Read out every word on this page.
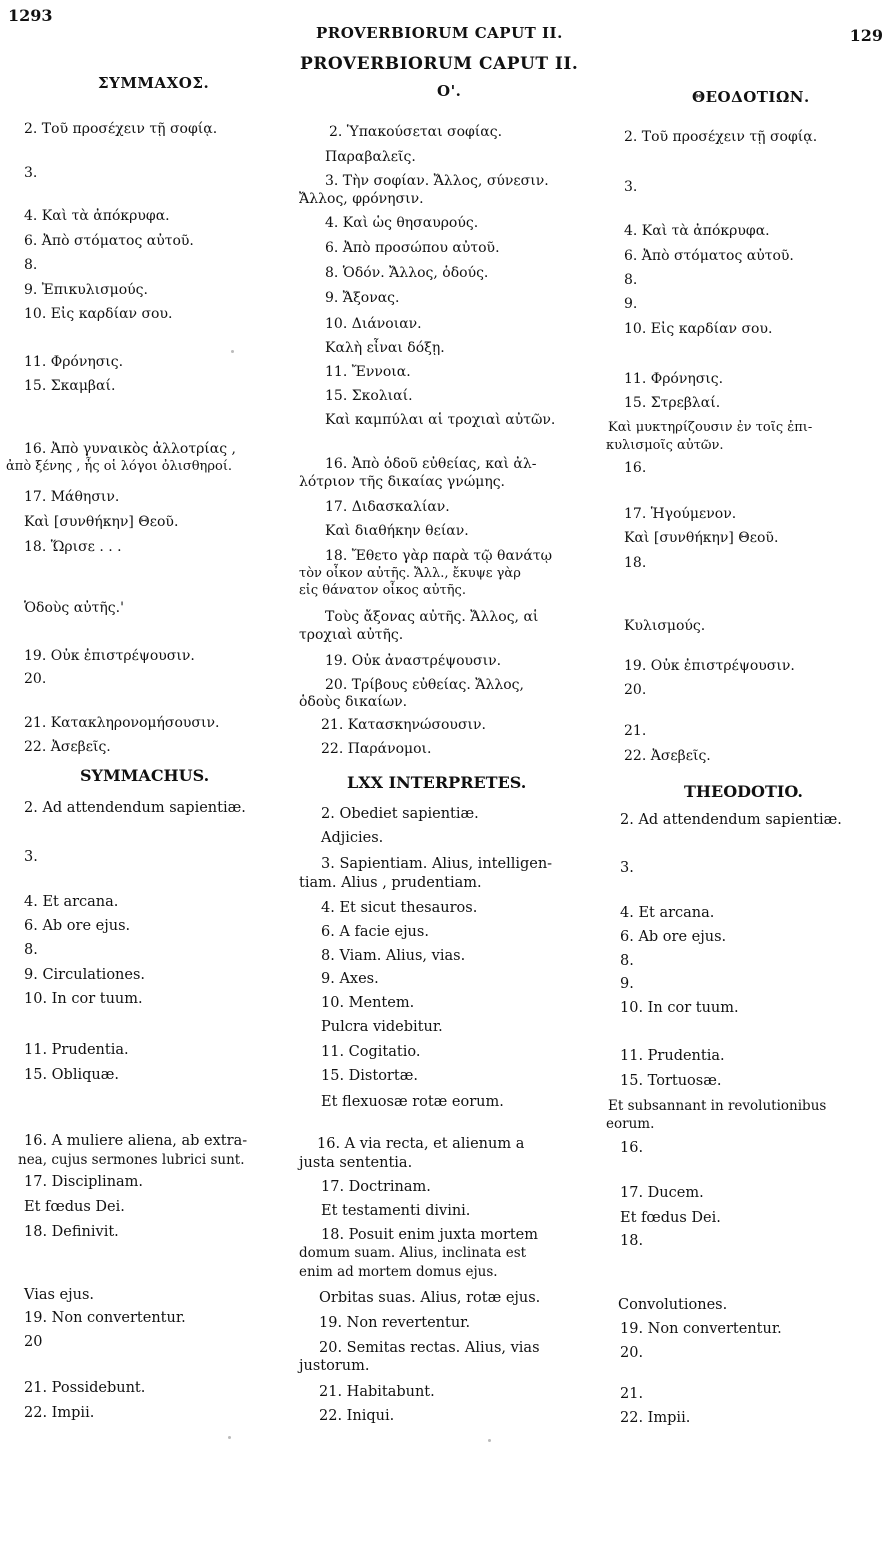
1293
PROVERBIORUM CAPUT II.	129
PROVERBIORUM CAPUT II.
ΣΥΜΜΑΧΟΣ.
2. Τοῦ προσέχειν τῇ σοφίᾳ.
3.
4. Καὶ τὰ ἀπόκρυφα.
6. Ἀπὸ στόματος αὐτοῦ.
8.
9. Ἐπικυλισμούς.
10. Εἰς καρδίαν σου.
11. Φρόνησις.
15. Σκαμβαί.
16. Ἀπὸ γυναικὸς ἀλλοτρίας ,
ἀπὸ ξένης , ἧς οἱ λόγοι ὀλισθηροί.
17. Μάθησιν.
Καὶ [συνθήκην] Θεοῦ.
18. Ὥρισε . . .
Ὁδοὺς αὐτῆς.'
19. Οὐκ ἐπιστρέψουσιν.
20.
21. Κατακληρονομήσουσιν.
22. Ἀσεβεῖς.
SYMMACHUS.
2. Ad attendendum sapientiæ.
3.
4. Et arcana.
6. Ab ore ejus.
8.
9. Circulationes.
10. In cor tuum.
11. Prudentia.
15. Obliquæ.
16. A muliere aliena, ab extra-
nea, cujus sermones lubrici sunt.
17. Disciplinam.
Et fœdus Dei.
18. Definivit.
Vias ejus.
19. Non convertentur.
20
21. Possidebunt.
22. Impii.
Ο'.
2. Ὑπακούσεται σοφίας.
Παραβαλεῖς.
3. Τὴν σοφίαν. Ἄλλος, σύνεσιν.
Ἄλλος, φρόνησιν.
4. Καὶ ὡς θησαυρούς.
6. Ἀπὸ προσώπου αὐτοῦ.
8. Ὁδόν. Ἄλλος, ὁδούς.
9. Ἄξονας.
10. Διάνοιαν.
Καλὴ εἶναι δόξῃ.
11. Ἔννοια.
15. Σκολιαί.
Καὶ καμπύλαι αἱ τροχιαὶ αὐτῶν.
16. Ἀπὸ ὁδοῦ εὐθείας, καὶ ἀλ-
λότριον τῆς δικαίας γνώμης.
17. Διδασκαλίαν.
Καὶ διαθήκην θείαν.
18. Ἔθετο γὰρ παρὰ τῷ θανάτῳ
τὸν οἶκον αὐτῆς. Ἄλλ., ἔκυψε γὰρ
εἰς θάνατον οἶκος αὐτῆς.
Τοὺς ἄξονας αὐτῆς. Ἄλλος, αἱ
τροχιαὶ αὐτῆς.
19. Οὐκ ἀναστρέψουσιν.
20. Τρίβους εὐθείας. Ἄλλος,
ὁδοὺς δικαίων.
21. Κατασκηνώσουσιν.
22. Παράνομοι.
LXX INTERPRETES.
2. Obediet sapientiæ.
Adjicies.
3. Sapientiam. Alius, intelligen-
tiam. Alius , prudentiam.
4. Et sicut thesauros.
6. A facie ejus.
8. Viam. Alius, vias.
9. Axes.
10. Mentem.
Pulcra videbitur.
11. Cogitatio.
15. Distortæ.
Et flexuosæ rotæ eorum.
16. A via recta, et alienum a
justa sententia.
17. Doctrinam.
Et testamenti divini.
18. Posuit enim juxta mortem
domum suam. Alius, inclinata est
enim ad mortem domus ejus.
Orbitas suas. Alius, rotæ ejus.
19. Non revertentur.
20. Semitas rectas. Alius, vias
justorum.
21. Habitabunt.
22. Iniqui.
ΘΕΟΔΟΤΙΩΝ.
2. Τοῦ προσέχειν τῇ σοφίᾳ.
3.
4. Καὶ τὰ ἀπόκρυφα.
6. Ἀπὸ στόματος αὐτοῦ.
8.
9.
10. Εἰς καρδίαν σου.
11. Φρόνησις.
15. Στρεβλαί.
Καὶ μυκτηρίζουσιν ἐν τοῖς ἐπι-
κυλισμοῖς αὐτῶν.
16.
17. Ἡγούμενον.
Καὶ [συνθήκην] Θεοῦ.
18.
Κυλισμούς.
19. Οὐκ ἐπιστρέψουσιν.
20.
21.
22. Ἀσεβεῖς.
THEODOTIO.
2. Ad attendendum sapientiæ.
3.
4. Et arcana.
6. Ab ore ejus.
8.
9.
10. In cor tuum.
11. Prudentia.
15. Tortuosæ.
Et subsannant in revolutionibus
eorum.
16.
17. Ducem.
Et fœdus Dei.
18.
Convolutiones.
19. Non convertentur.
20.
21.
22. Impii.
